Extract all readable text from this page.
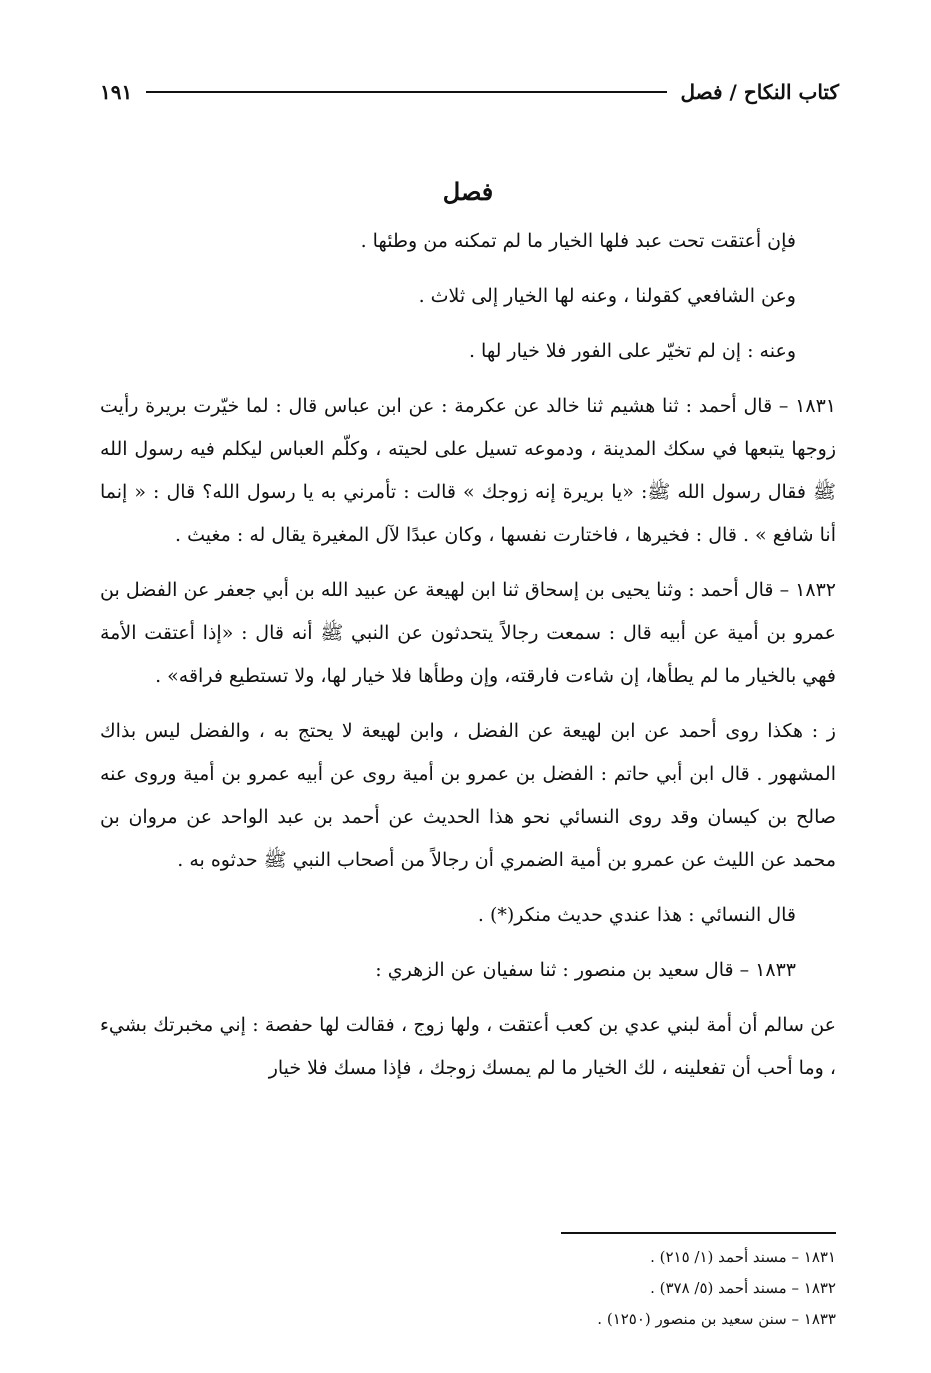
كتاب النكاح / فصل
١٩١
فصل

فإن أعتقت تحت عبد فلها الخيار ما لم تمكنه من وطئها .

وعن الشافعي كقولنا ، وعنه لها الخيار إلى ثلاث .

وعنه : إن لم تخيّر على الفور فلا خيار لها .

١٨٣١ – قال أحمد : ثنا هشيم ثنا خالد عن عكرمة : عن ابن عباس قال : لما خيّرت بريرة رأيت زوجها يتبعها في سكك المدينة ، ودموعه تسيل على لحيته ، وكلّم العباس ليكلم فيه رسول الله ﷺ فقال رسول الله ﷺ: «يا بريرة إنه زوجك » قالت : تأمرني به يا رسول الله؟ قال : « إنما أنا شافع » . قال : فخيرها ، فاختارت نفسها ، وكان عبدًا لآل المغيرة يقال له : مغيث .

١٨٣٢ – قال أحمد : وثنا يحيى بن إسحاق ثنا ابن لهيعة عن عبيد الله بن أبي جعفر عن الفضل بن عمرو بن أمية عن أبيه قال : سمعت رجالاً يتحدثون عن النبي ﷺ أنه قال : «إذا أعتقت الأمة فهي بالخيار ما لم يطأها، إن شاءت فارقته، وإن وطأها فلا خيار لها، ولا تستطيع فراقه» .

ز : هكذا روى أحمد عن ابن لهيعة عن الفضل ، وابن لهيعة لا يحتج به ، والفضل ليس بذاك المشهور . قال ابن أبي حاتم : الفضل بن عمرو بن أمية روى عن أبيه عمرو بن أمية وروى عنه صالح بن كيسان وقد روى النسائي نحو هذا الحديث عن أحمد بن عبد الواحد عن مروان بن محمد عن الليث عن عمرو بن أمية الضمري أن رجالاً من أصحاب النبي ﷺ حدثوه به .

قال النسائي : هذا عندي حديث منكر(*) .

١٨٣٣ – قال سعيد بن منصور : ثنا سفيان عن الزهري :

عن سالم أن أمة لبني عدي بن كعب أعتقت ، ولها زوج ، فقالت لها حفصة : إني مخبرتك بشيء ، وما أحب أن تفعلينه ، لك الخيار ما لم يمسك زوجك ، فإذا مسك فلا خيار

١٨٣١ – مسند أحمد (١/ ٢١٥) .

١٨٣٢ – مسند أحمد (٥/ ٣٧٨) .

١٨٣٣ – سنن سعيد بن منصور (١٢٥٠) .
